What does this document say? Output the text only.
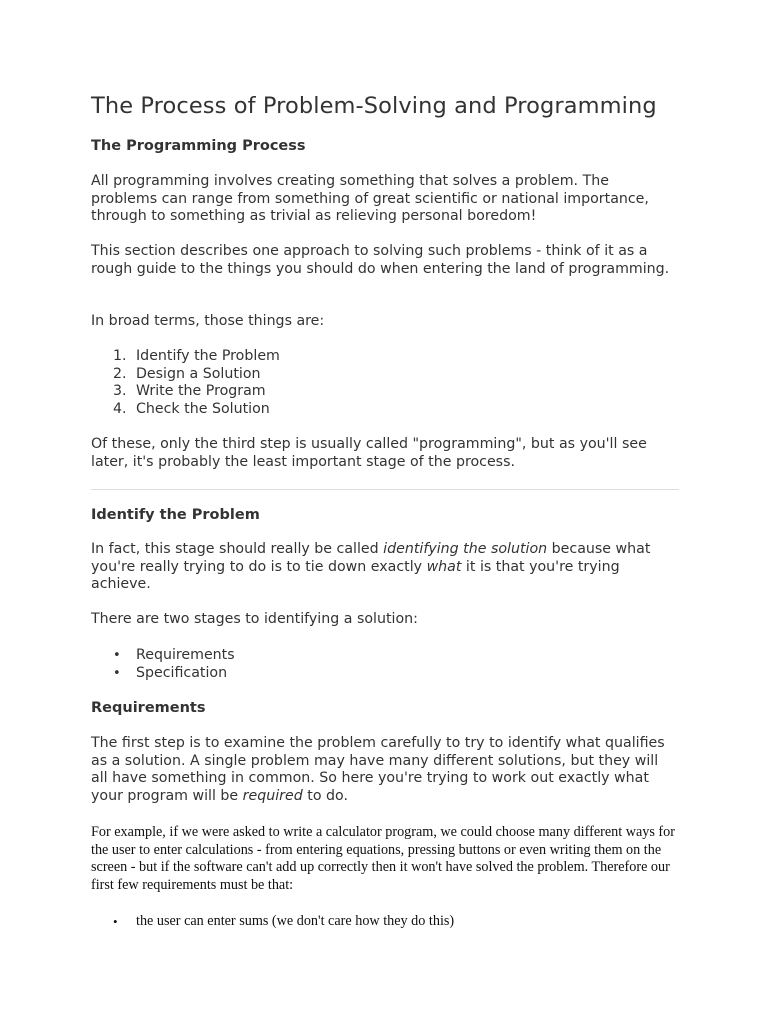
The Process of Problem-Solving and Programming
The Programming Process

All programming involves creating something that solves a problem. The problems can range from something of great scientific or national importance, through to something as trivial as relieving personal boredom!

This section describes one approach to solving such problems - think of it as a rough guide to the things you should do when entering the land of programming.

In broad terms, those things are:

1. Identify the Problem
2. Design a Solution
3. Write the Program
4. Check the Solution

Of these, only the third step is usually called "programming", but as you'll see later, it's probably the least important stage of the process.

Identify the Problem

In fact, this stage should really be called identifying the solution because what you're really trying to do is to tie down exactly what it is that you're trying achieve.

There are two stages to identifying a solution:

• Requirements
• Specification
Requirements

The first step is to examine the problem carefully to try to identify what qualifies as a solution. A single problem may have many different solutions, but they will all have something in common. So here you're trying to work out exactly what your program will be required to do.

For example, if we were asked to write a calculator program, we could choose many different ways for the user to enter calculations - from entering equations, pressing buttons or even writing them on the screen - but if the software can't add up correctly then it won't have solved the problem. Therefore our first few requirements must be that:

• the user can enter sums (we don't care how they do this)
